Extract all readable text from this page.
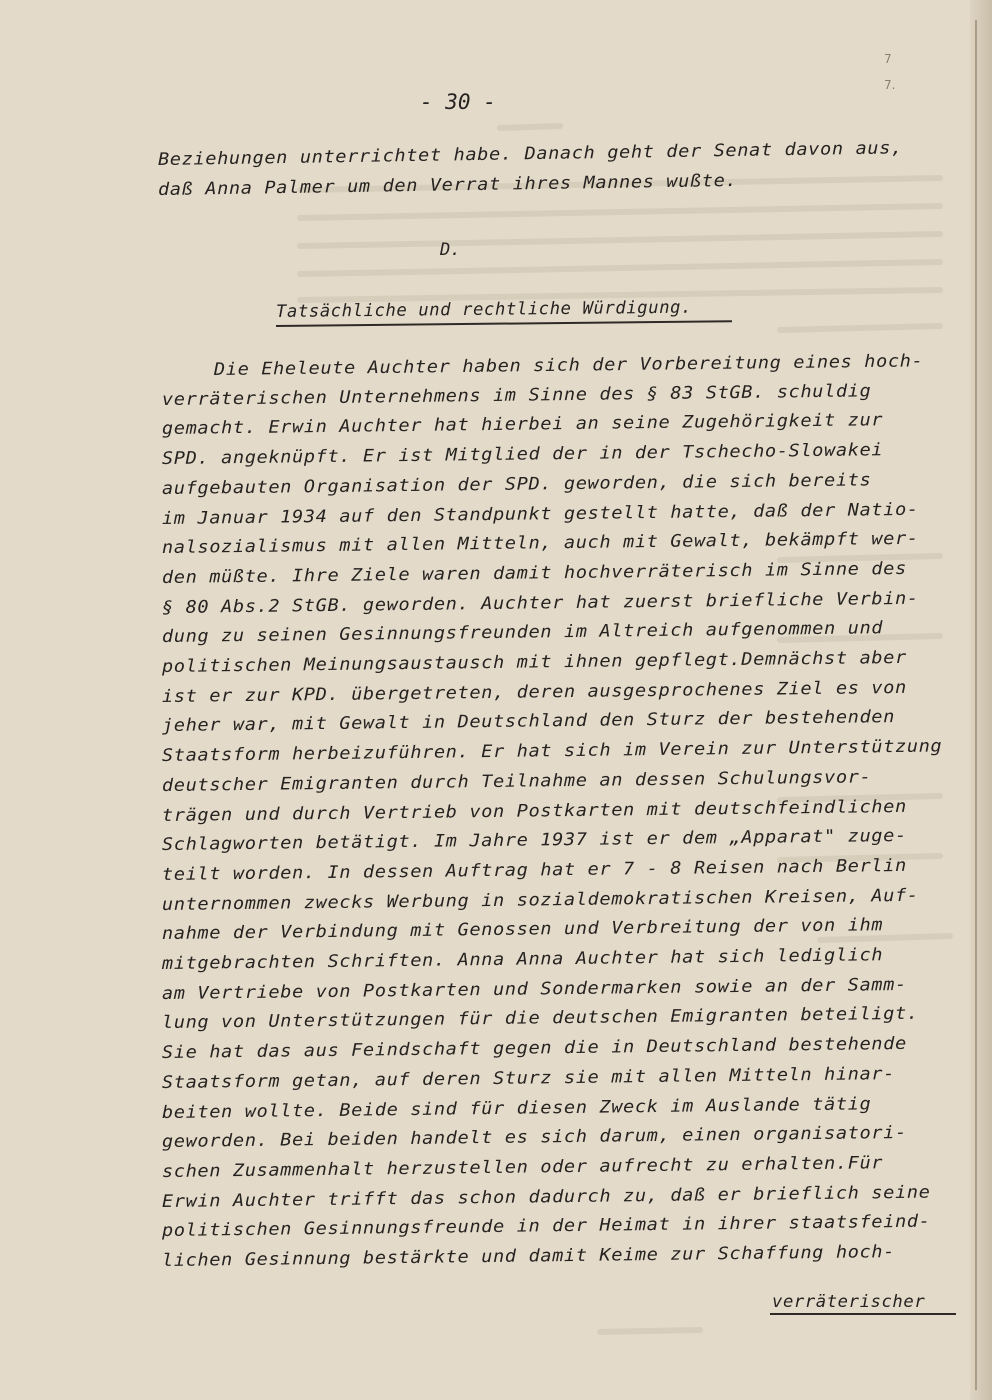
7
7.
- 30 -
Beziehungen unterrichtet habe. Danach geht der Senat davon aus,
daß Anna Palmer um den Verrat ihres Mannes wußte.
D.
Tatsächliche und rechtliche Würdigung.
Die Eheleute Auchter haben sich der Vorbereitung eines hoch-
verräterischen Unternehmens im Sinne des § 83 StGB. schuldig
gemacht. Erwin Auchter hat hierbei an seine Zugehörigkeit zur
SPD. angeknüpft. Er ist Mitglied der in der Tschecho-Slowakei
aufgebauten Organisation der SPD. geworden, die sich bereits
im Januar 1934 auf den Standpunkt gestellt hatte, daß der Natio-
nalsozialismus mit allen Mitteln, auch mit Gewalt, bekämpft wer-
den müßte. Ihre Ziele waren damit hochverräterisch im Sinne des
§ 80 Abs.2 StGB. geworden. Auchter hat zuerst briefliche Verbin-
dung zu seinen Gesinnungsfreunden im Altreich aufgenommen und
politischen Meinungsaustausch mit ihnen gepflegt.Demnächst aber
ist er zur KPD. übergetreten, deren ausgesprochenes Ziel es von
jeher war, mit Gewalt in Deutschland den Sturz der bestehenden
Staatsform herbeizuführen. Er hat sich im Verein zur Unterstützung
deutscher Emigranten durch Teilnahme an dessen Schulungsvor-
trägen und durch Vertrieb von Postkarten mit deutschfeindlichen
Schlagworten betätigt. Im Jahre 1937 ist er dem „Apparat" zuge-
teilt worden. In dessen Auftrag hat er 7 - 8 Reisen nach Berlin
unternommen zwecks Werbung in sozialdemokratischen Kreisen, Auf-
nahme der Verbindung mit Genossen und Verbreitung der von ihm
mitgebrachten Schriften. Anna Anna Auchter hat sich lediglich
am Vertriebe von Postkarten und Sondermarken sowie an der Samm-
lung von Unterstützungen für die deutschen Emigranten beteiligt.
Sie hat das aus Feindschaft gegen die in Deutschland bestehende
Staatsform getan, auf deren Sturz sie mit allen Mitteln hinar-
beiten wollte. Beide sind für diesen Zweck im Auslande tätig
geworden. Bei beiden handelt es sich darum, einen organisatori-
schen Zusammenhalt herzustellen oder aufrecht zu erhalten.Für
Erwin Auchter trifft das schon dadurch zu, daß er brieflich seine
politischen Gesinnungsfreunde in der Heimat in ihrer staatsfeind-
lichen Gesinnung bestärkte und damit Keime zur Schaffung hoch-
verräterischer
